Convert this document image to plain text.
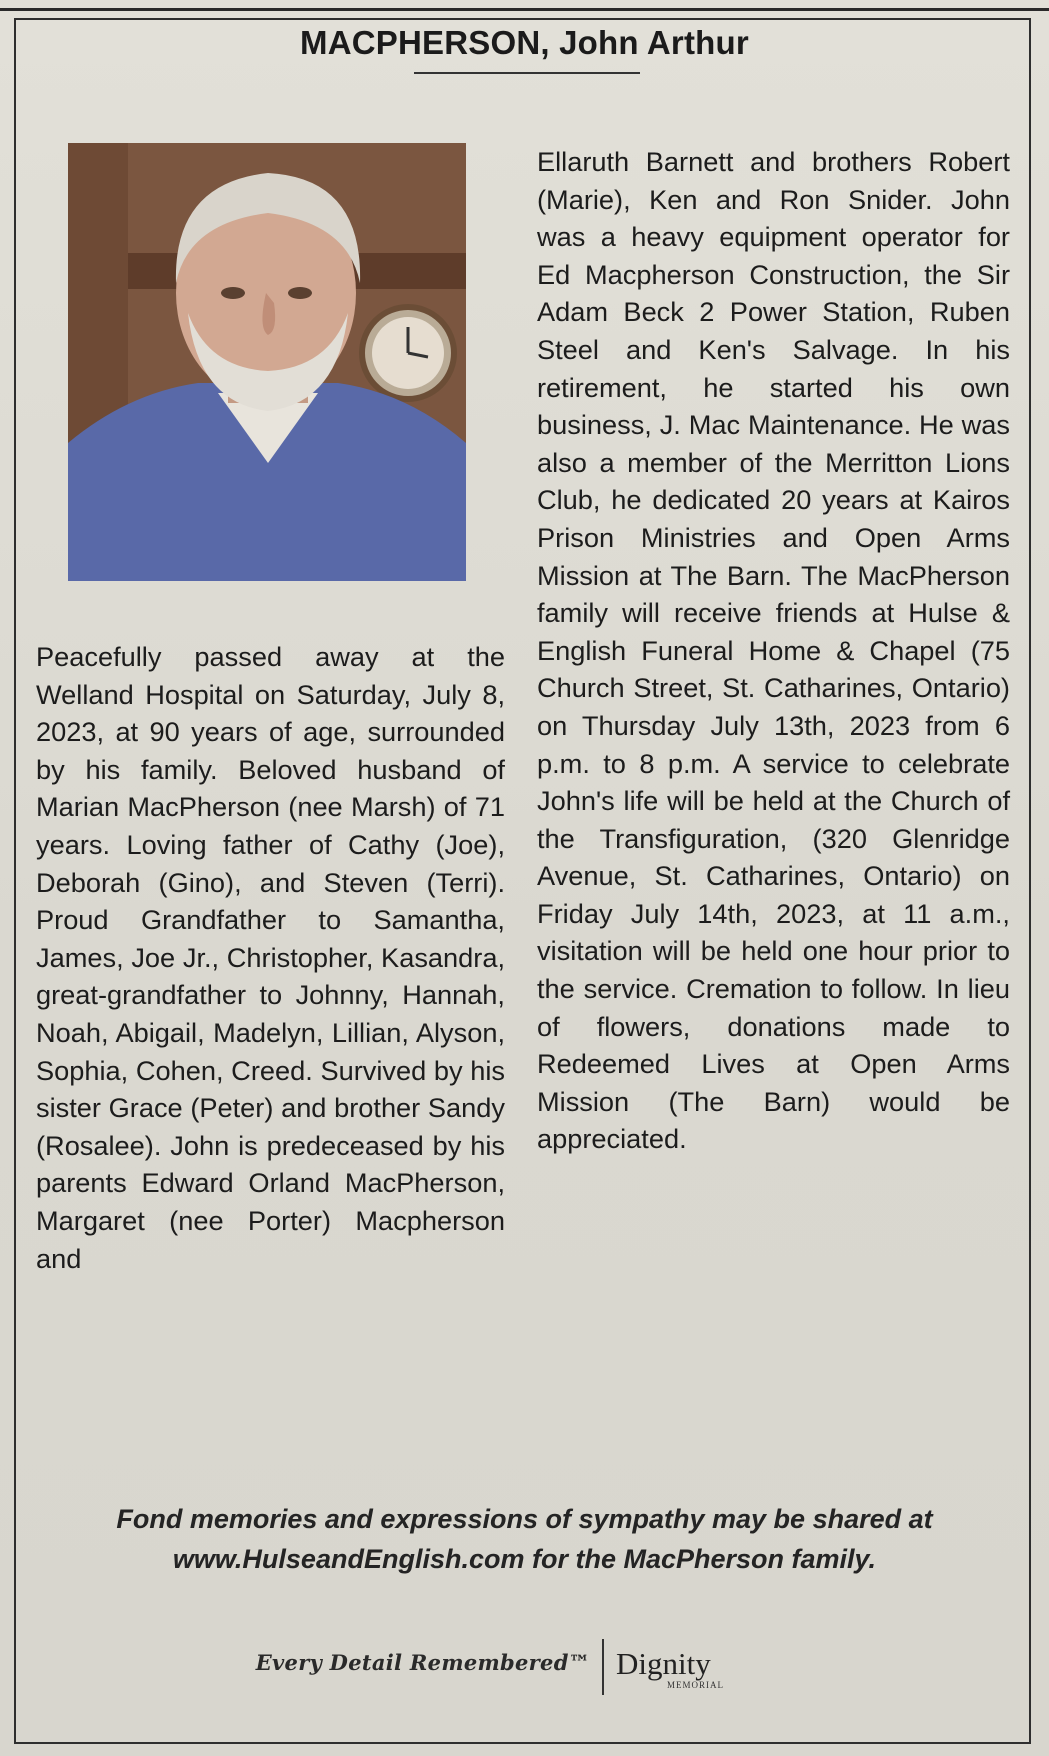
MACPHERSON, John Arthur
Peacefully passed away at the Welland Hospital on Saturday, July 8, 2023, at 90 years of age, surrounded by his family. Beloved husband of Marian MacPherson (nee Marsh) of 71 years. Loving father of Cathy (Joe), Deborah (Gino), and Steven (Terri). Proud Grandfather to Samantha, James, Joe Jr., Christopher, Kasandra, great-grandfather to Johnny, Hannah, Noah, Abigail, Madelyn, Lillian, Alyson, Sophia, Cohen, Creed. Survived by his sister Grace (Peter) and brother Sandy (Rosalee). John is predeceased by his parents Edward Orland MacPherson, Margaret (nee Porter) Macpherson and
Ellaruth Barnett and brothers Robert (Marie), Ken and Ron Snider. John was a heavy equipment operator for Ed Macpherson Construction, the Sir Adam Beck 2 Power Station, Ruben Steel and Ken's Salvage. In his retirement, he started his own business, J. Mac Maintenance. He was also a member of the Merritton Lions Club, he dedicated 20 years at Kairos Prison Ministries and Open Arms Mission at The Barn. The MacPherson family will receive friends at Hulse & English Funeral Home & Chapel (75 Church Street, St. Catharines, Ontario) on Thursday July 13th, 2023 from 6 p.m. to 8 p.m. A service to celebrate John's life will be held at the Church of the Transfiguration, (320 Glenridge Avenue, St. Catharines, Ontario) on Friday July 14th, 2023, at 11 a.m., visitation will be held one hour prior to the service. Cremation to follow. In lieu of flowers, donations made to Redeemed Lives at Open Arms Mission (The Barn) would be appreciated.
Fond memories and expressions of sympathy may be shared at
www.HulseandEnglish.com for the MacPherson family.
Every Detail Remembered™ Dignity
MEMORIAL
